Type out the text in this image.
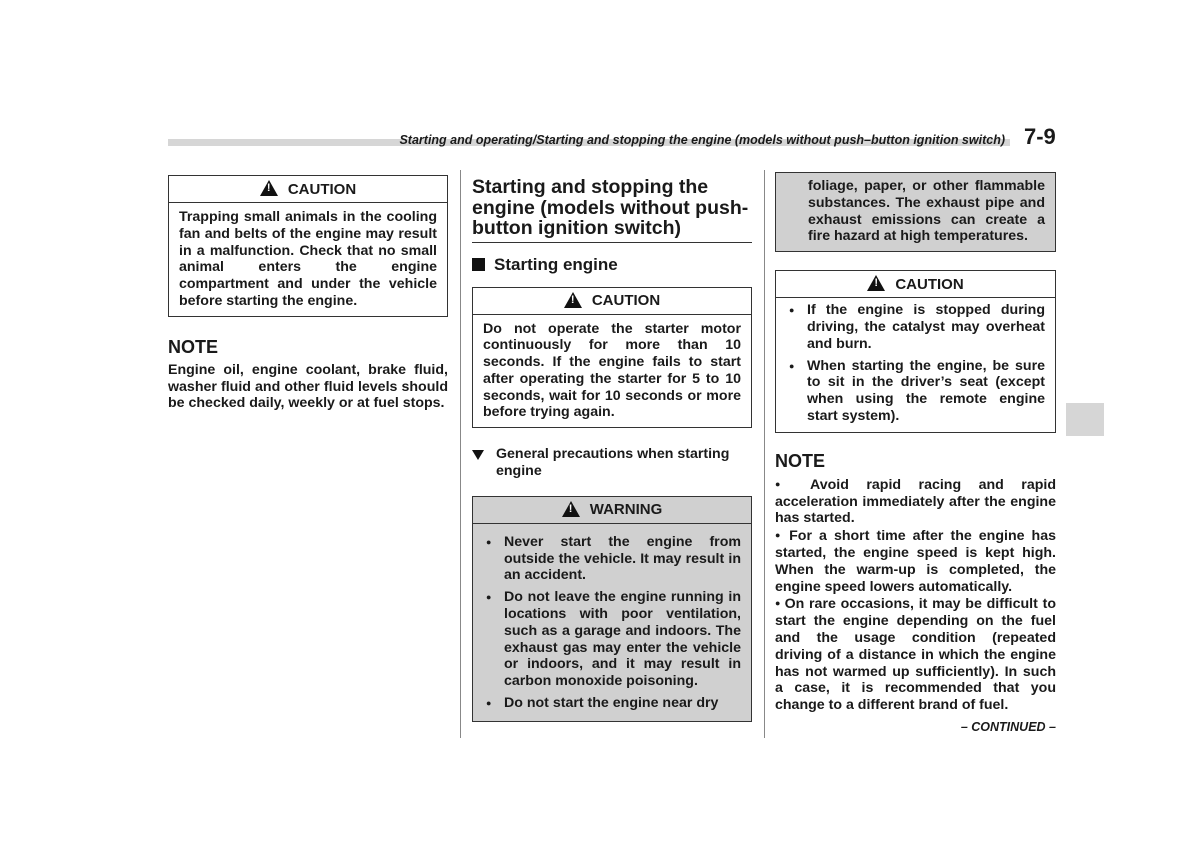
Starting and operating/Starting and stopping the engine (models without push–button ignition switch) 7-9
!
CAUTION
Trapping small animals in the cooling fan and belts of the engine may result in a malfunction. Check that no small animal enters the engine compartment and under the vehicle before starting the engine.
NOTE
Engine oil, engine coolant, brake fluid, washer fluid and other fluid levels should be checked daily, weekly or at fuel stops.
Starting and stopping the engine (models without push-button ignition switch)
Starting engine
!
CAUTION
Do not operate the starter motor continuously for more than 10 seconds. If the engine fails to start after operating the starter for 5 to 10 seconds, wait for 10 seconds or more before trying again.
General precautions when starting engine
!
WARNING
● Never start the engine from outside the vehicle. It may result in an accident.
● Do not leave the engine running in locations with poor ventilation, such as a garage and indoors. The exhaust gas may enter the vehicle or indoors, and it may result in carbon monoxide poisoning.
● Do not start the engine near dry
foliage, paper, or other flammable substances. The exhaust pipe and exhaust emissions can create a fire hazard at high temperatures.
!
CAUTION
● If the engine is stopped during driving, the catalyst may overheat and burn.
● When starting the engine, be sure to sit in the driver’s seat (except when using the remote engine start system).
NOTE
● Avoid rapid racing and rapid acceleration immediately after the engine has started.
● For a short time after the engine has started, the engine speed is kept high. When the warm-up is completed, the engine speed lowers automatically.
● On rare occasions, it may be difficult to start the engine depending on the fuel and the usage condition (repeated driving of a distance in which the engine has not warmed up sufficiently). In such a case, it is recommended that you change to a different brand of fuel.
– CONTINUED –
